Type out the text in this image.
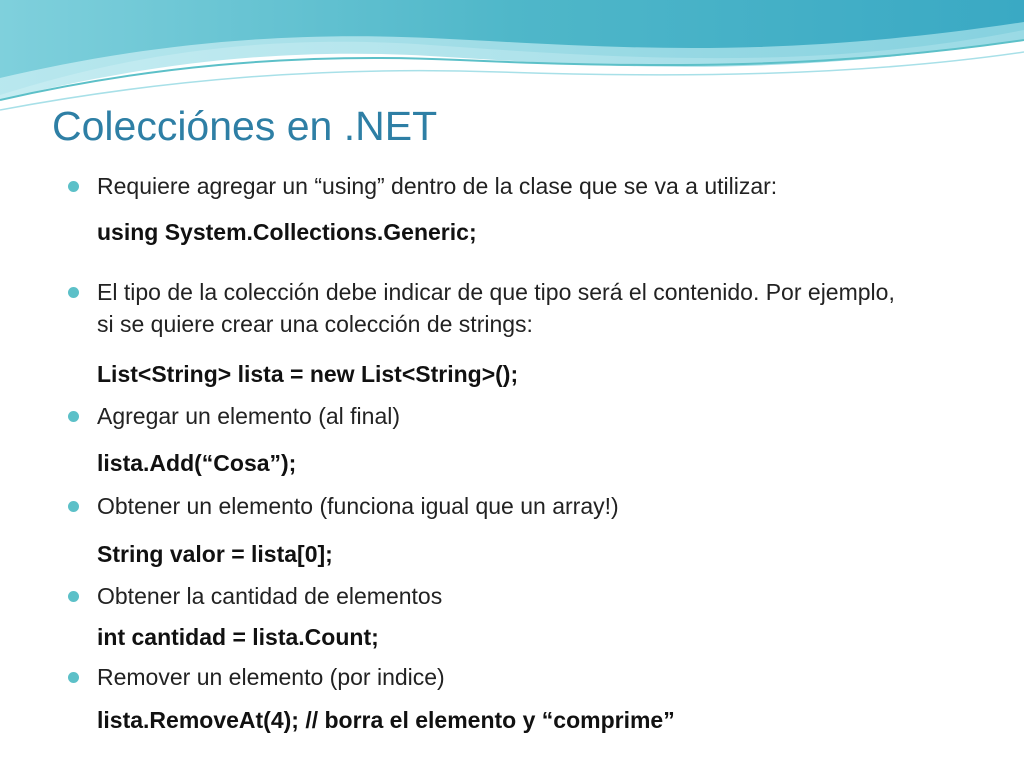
Colecciónes en .NET
Requiere agregar un “using” dentro de la clase que se va a utilizar:
using System.Collections.Generic;
El tipo de la colección debe indicar de que tipo será el contenido. Por ejemplo, si se quiere crear una colección de strings:
List<String> lista = new List<String>();
Agregar un elemento (al final)
lista.Add(“Cosa”);
Obtener un elemento (funciona igual que un array!)
String valor = lista[0];
Obtener la cantidad de elementos
int cantidad = lista.Count;
Remover un elemento (por indice)
lista.RemoveAt(4); // borra el elemento y “comprime”
